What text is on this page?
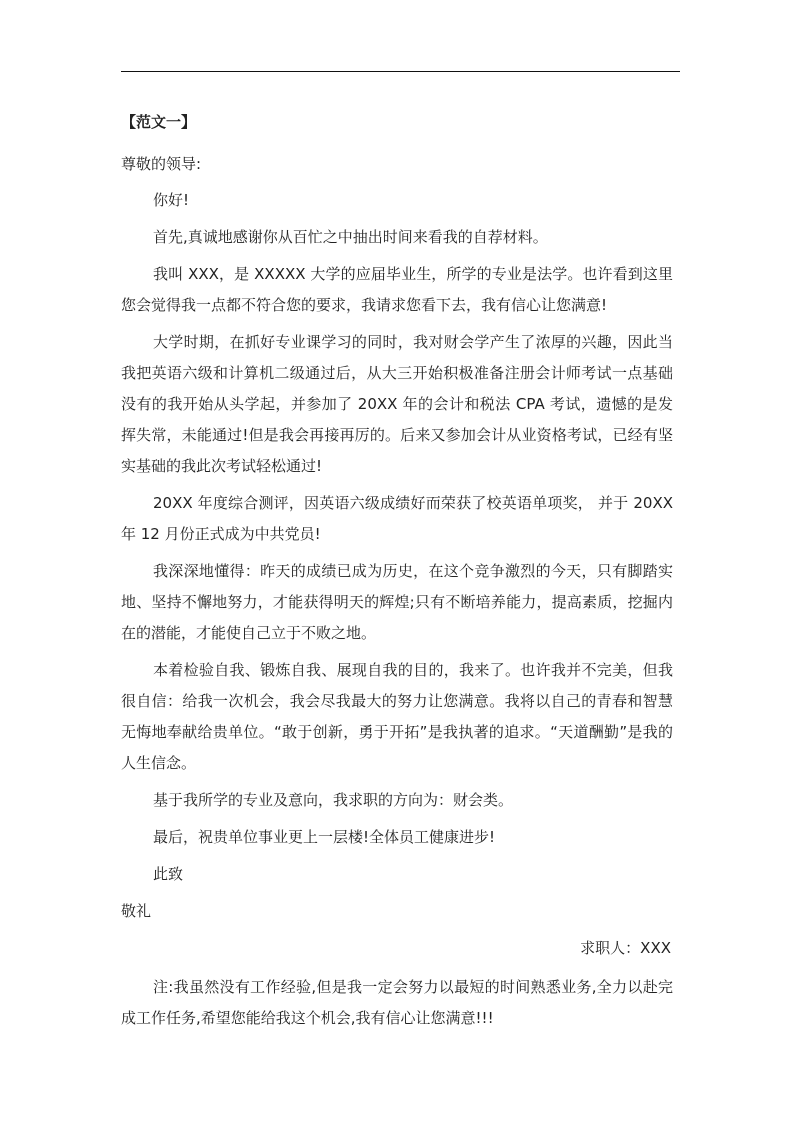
【范文一】

尊敬的领导:

你好!

首先,真诚地感谢你从百忙之中抽出时间来看我的自荐材料。

我叫 XXX，是 XXXXX 大学的应届毕业生，所学的专业是法学。也许看到这里您会觉得我一点都不符合您的要求，我请求您看下去，我有信心让您满意!

大学时期，在抓好专业课学习的同时，我对财会学产生了浓厚的兴趣，因此当我把英语六级和计算机二级通过后，从大三开始积极准备注册会计师考试一点基础没有的我开始从头学起，并参加了 20XX 年的会计和税法 CPA 考试，遗憾的是发挥失常，未能通过!但是我会再接再厉的。后来又参加会计从业资格考试，已经有坚实基础的我此次考试轻松通过!

20XX 年度综合测评，因英语六级成绩好而荣获了校英语单项奖， 并于 20XX 年 12 月份正式成为中共党员!

我深深地懂得：昨天的成绩已成为历史，在这个竞争激烈的今天，只有脚踏实地、坚持不懈地努力，才能获得明天的辉煌;只有不断培养能力，提高素质，挖掘内在的潜能，才能使自己立于不败之地。

本着检验自我、锻炼自我、展现自我的目的，我来了。也许我并不完美，但我很自信：给我一次机会，我会尽我最大的努力让您满意。我将以自己的青春和智慧无悔地奉献给贵单位。“敢于创新，勇于开拓”是我执著的追求。“天道酬勤”是我的人生信念。

基于我所学的专业及意向，我求职的方向为：财会类。

最后，祝贵单位事业更上一层楼!全体员工健康进步!

此致

敬礼

求职人：XXX

注:我虽然没有工作经验,但是我一定会努力以最短的时间熟悉业务,全力以赴完成工作任务,希望您能给我这个机会,我有信心让您满意!!!
